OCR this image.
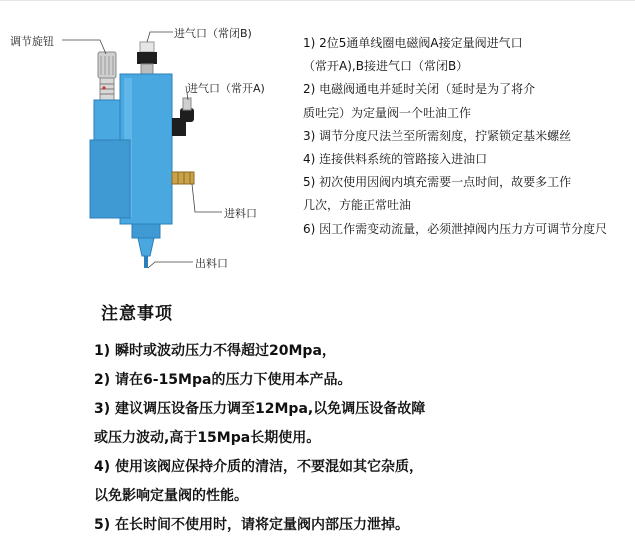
调节旋钮
进气口（常闭B)
进气口（常开A)
进料口
出料口
1) 2位5通单线圈电磁阀A接定量阀进气口
（常开A),B接进气口（常闭B）
2) 电磁阀通电并延时关闭（延时是为了将介
质吐完）为定量阀一个吐油工作
3) 调节分度尺法兰至所需刻度，拧紧锁定基米螺丝
4) 连接供料系统的管路接入进油口
5) 初次使用因阀内填充需要一点时间，故要多工作
几次，方能正常吐油
6) 因工作需变动流量，必须泄掉阀内压力方可调节分度尺
注意事项
1) 瞬时或波动压力不得超过20Mpa，
2) 请在6-15Mpa的压力下使用本产品。
3) 建议调压设备压力调至12Mpa,以免调压设备故障
或压力波动,高于15Mpa长期使用。
4) 使用该阀应保持介质的清洁，不要混如其它杂质，
以免影响定量阀的性能。
5) 在长时间不使用时，请将定量阀内部压力泄掉。
